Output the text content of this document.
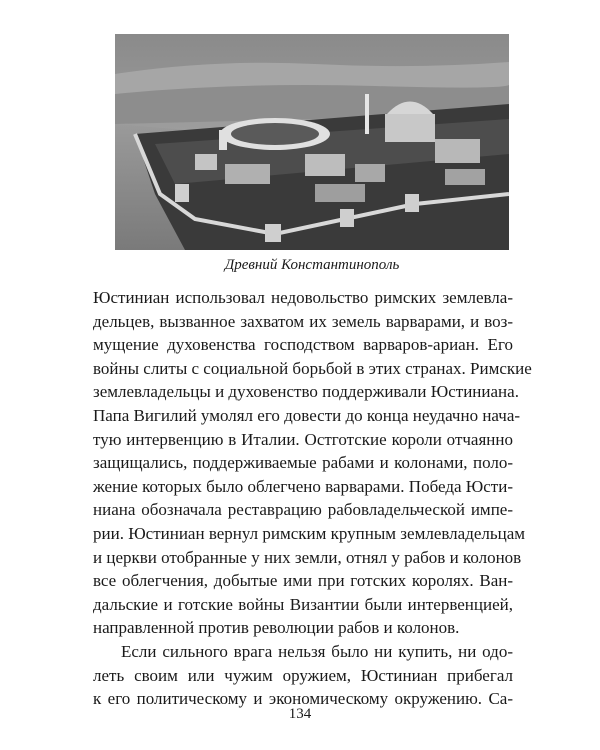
Древний Константинополь
Юстиниан использовал недовольство римских землевла-
дельцев, вызванное захватом их земель варварами, и воз-
мущение духовенства господством варваров-ариан. Его
войны слиты с социальной борьбой в этих странах. Римские
землевладельцы и духовенство поддерживали Юстиниана.
Папа Вигилий умолял его довести до конца неудачно нача-
тую интервенцию в Италии. Остготские короли отчаянно
защищались, поддерживаемые рабами и колонами, поло-
жение которых было облегчено варварами. Победа Юсти-
ниана обозначала реставрацию рабовладельческой импе-
рии. Юстиниан вернул римским крупным землевладельцам
и церкви отобранные у них земли, отнял у рабов и колонов
все облегчения, добытые ими при готских королях. Ван-
дальские и готские войны Византии были интервенцией,
направленной против революции рабов и колонов.
Если сильного врага нельзя было ни купить, ни одо-
леть своим или чужим оружием, Юстиниан прибегал
к его политическому и экономическому окружению. Са-
134
